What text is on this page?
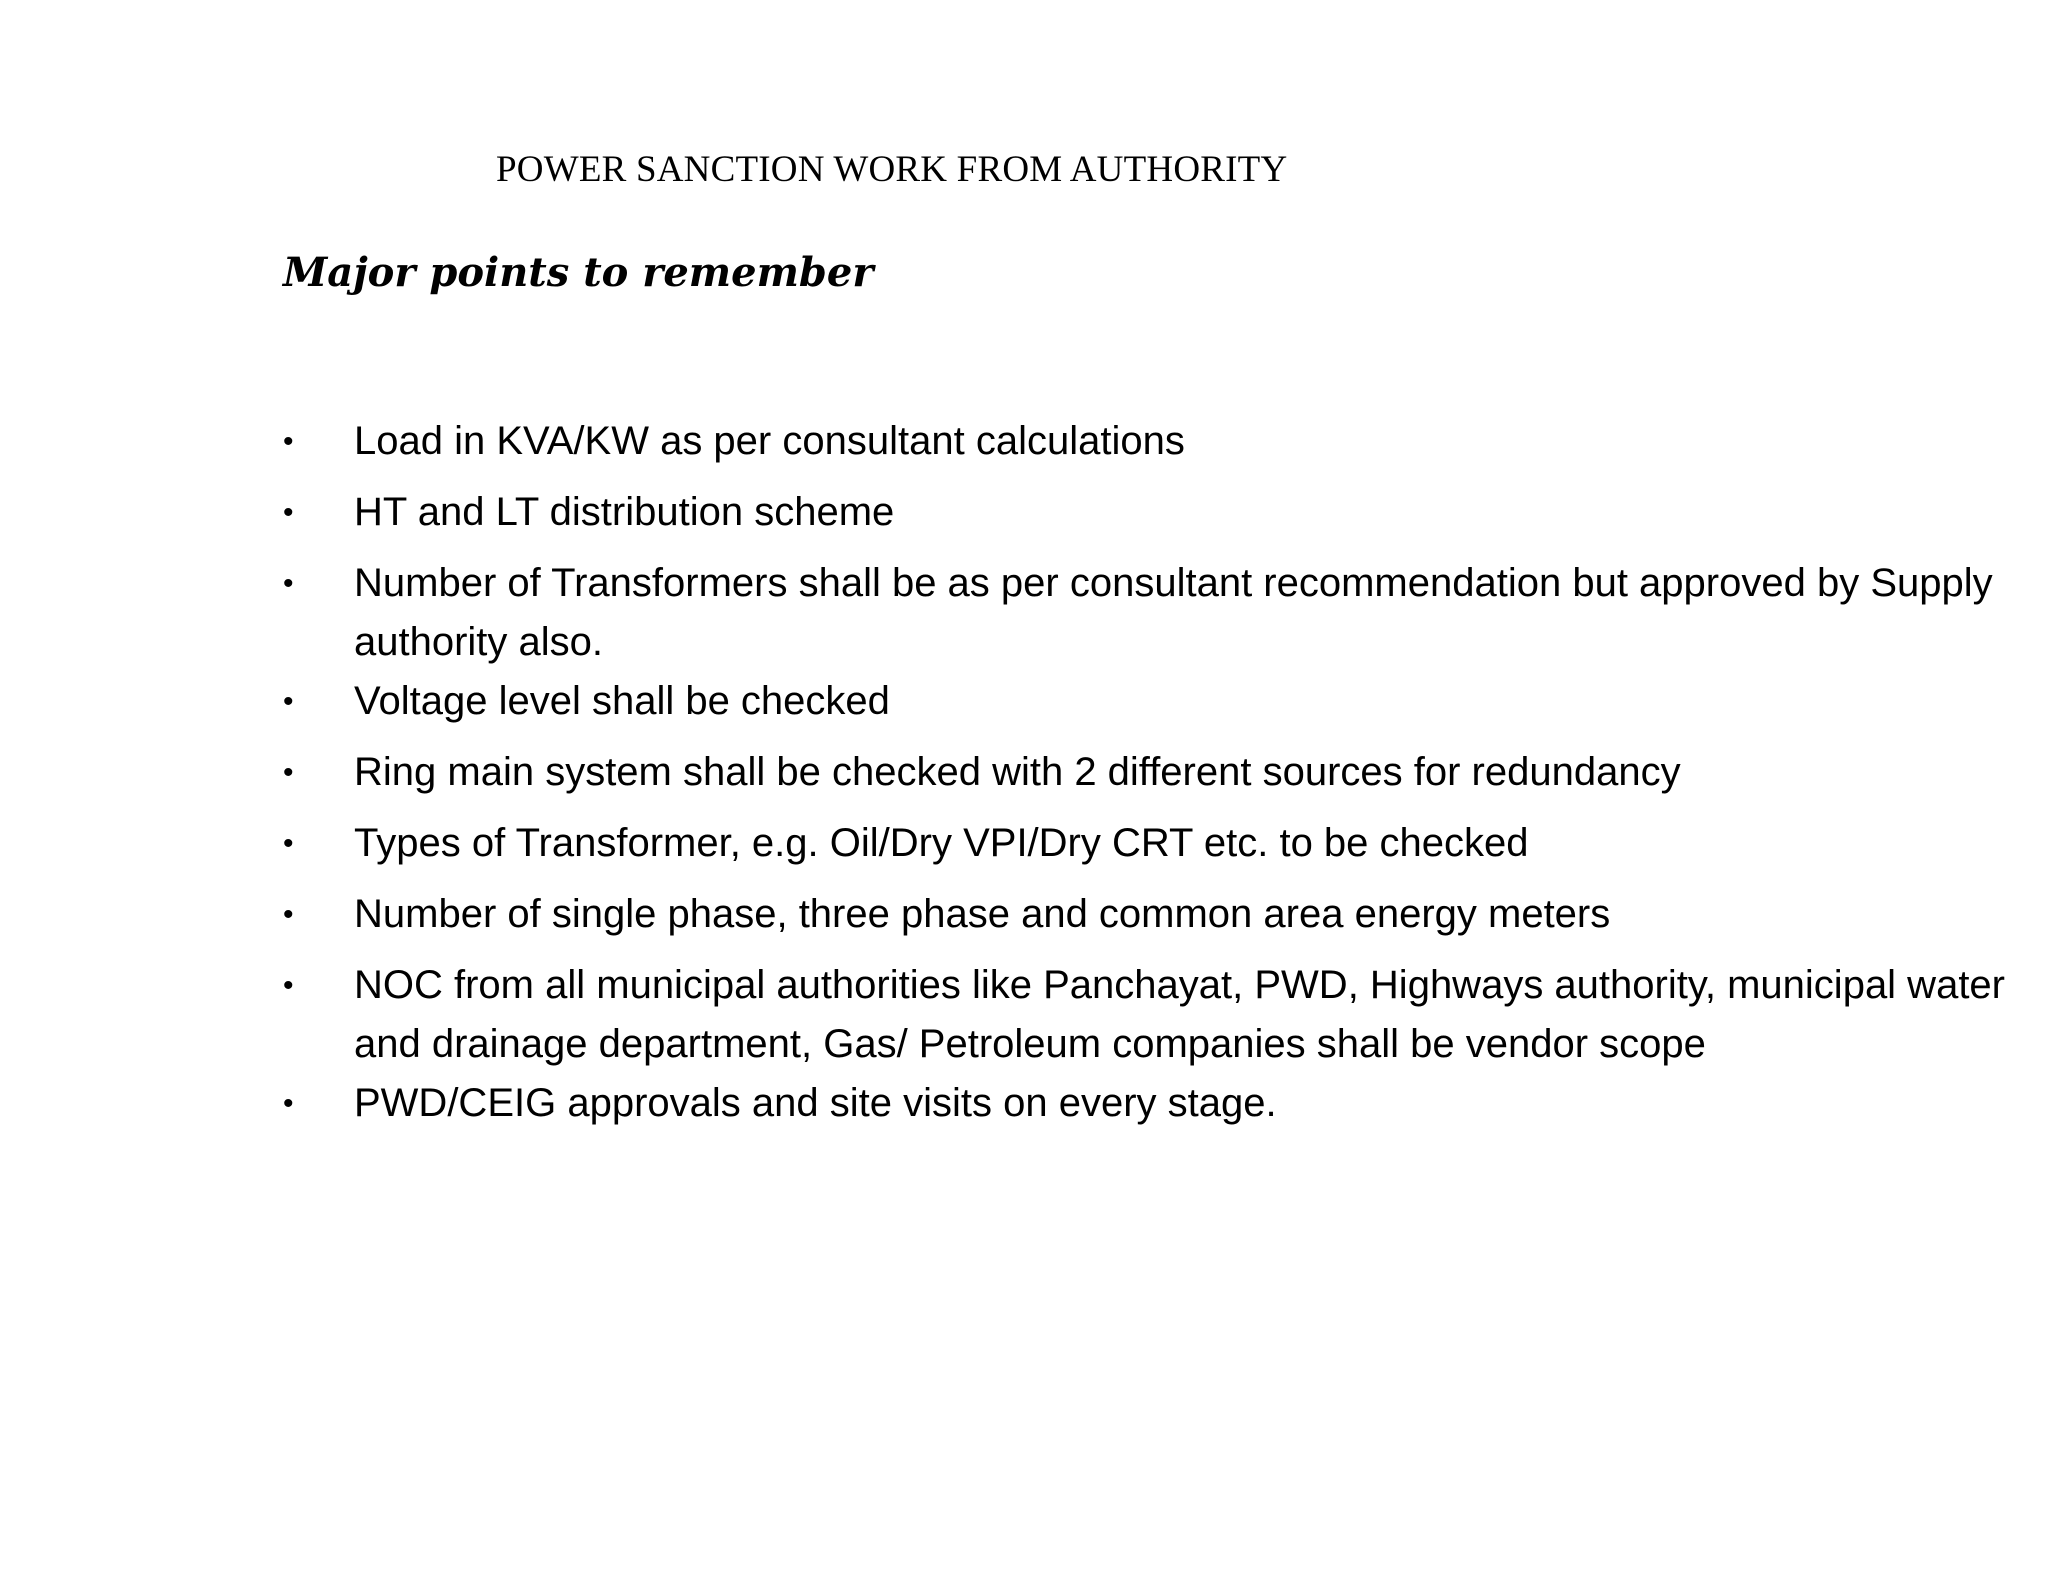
POWER SANCTION WORK FROM AUTHORITY
Major points to remember
• Load in KVA/KW as per consultant calculations
• HT and LT distribution scheme
• Number of Transformers shall be as per consultant recommendation but approved by Supply authority also.
• Voltage level shall be checked
• Ring main system shall be checked with 2 different sources for redundancy
• Types of Transformer, e.g. Oil/Dry VPI/Dry CRT etc. to be checked
• Number of single phase, three phase and common area energy meters
• NOC from all municipal authorities like Panchayat, PWD, Highways authority, municipal water and drainage department, Gas/ Petroleum companies shall be vendor scope
• PWD/CEIG approvals and site visits on every stage.
